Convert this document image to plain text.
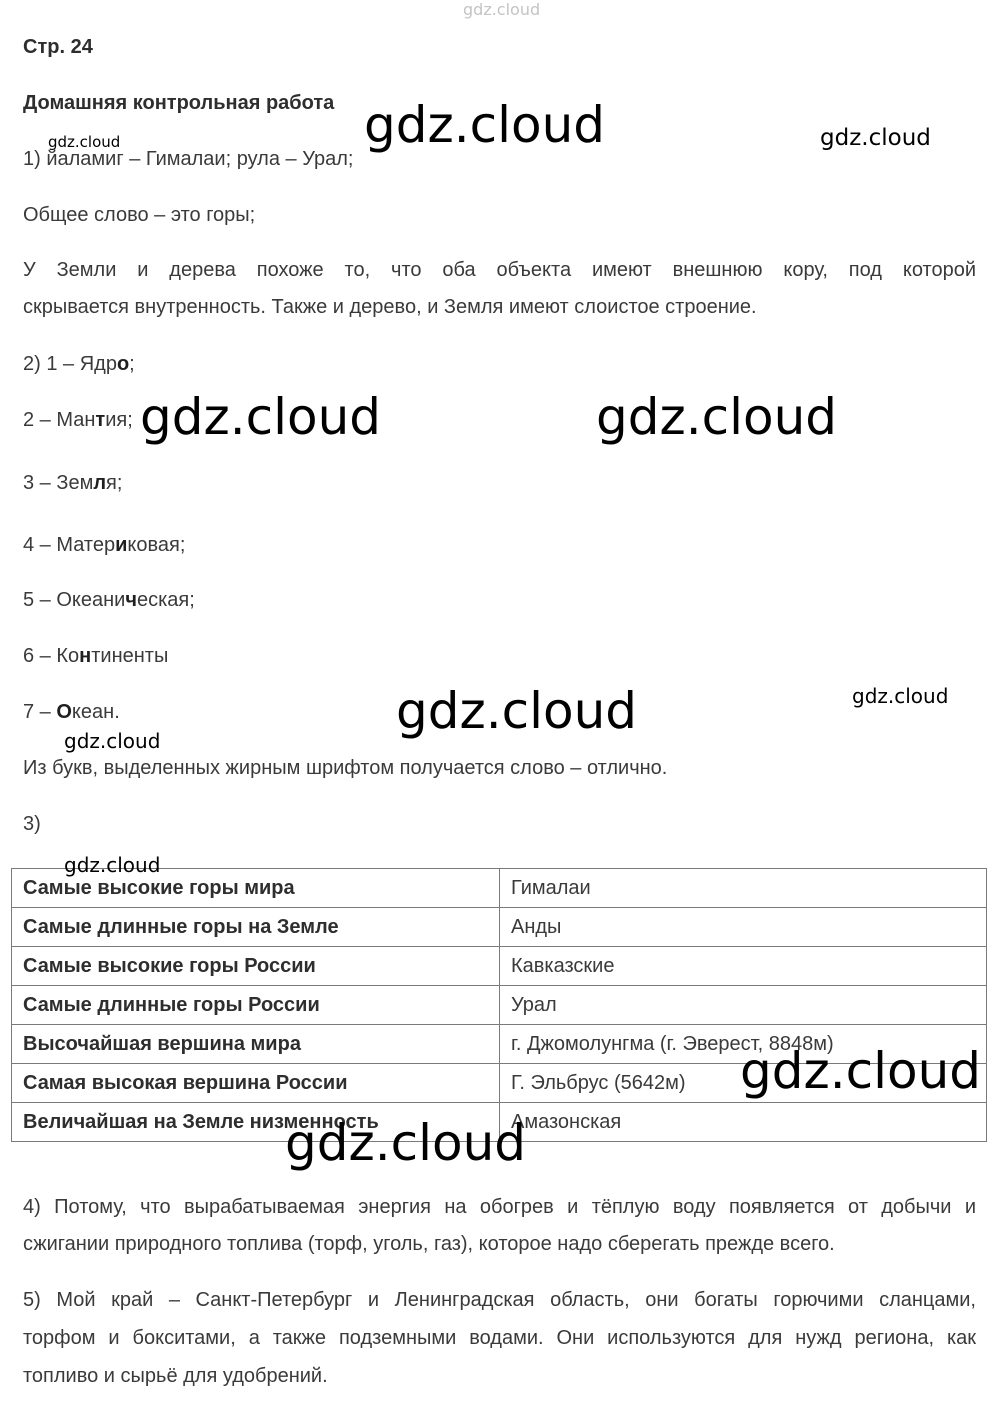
gdz.cloud
Стр. 24
Домашняя контрольная работа
1) йаламиг – Гималаи; рула – Урал;
Общее слово – это горы;
У Земли и дерева похоже то, что оба объекта имеют внешнюю кору, под которой
скрывается внутренность. Также и дерево, и Земля имеют слоистое строение.
2) 1 – Ядро;
2 – Мантия;
3 – Земля;
4 – Материковая;
5 – Океаническая;
6 – Континенты
7 – Океан.
Из букв, выделенных жирным шрифтом получается слово – отлично.
3)
Самые высокие горы мира	Гималаи
Самые длинные горы на Земле	Анды
Самые высокие горы России	Кавказские
Самые длинные горы России	Урал
Высочайшая вершина мира	г. Джомолунгма (г. Эверест, 8848м)
Самая высокая вершина России	Г. Эльбрус (5642м)
Величайшая на Земле низменность	Амазонская
4) Потому, что вырабатываемая энергия на обогрев и тёплую воду появляется от добычи и
сжигании природного топлива (торф, уголь, газ), которое надо сберегать прежде всего.
5) Мой край – Санкт-Петербург и Ленинградская область, они богаты горючими сланцами,
торфом и бокситами, а также подземными водами. Они используются для нужд региона, как
топливо и сырьё для удобрений.
gdz.cloud
gdz.cloud	gdz.cloud
gdz.cloud	gdz.cloud
gdz.cloud	gdz.cloud
gdz.cloud
gdz.cloud
gdz.cloud
gdz.cloud
